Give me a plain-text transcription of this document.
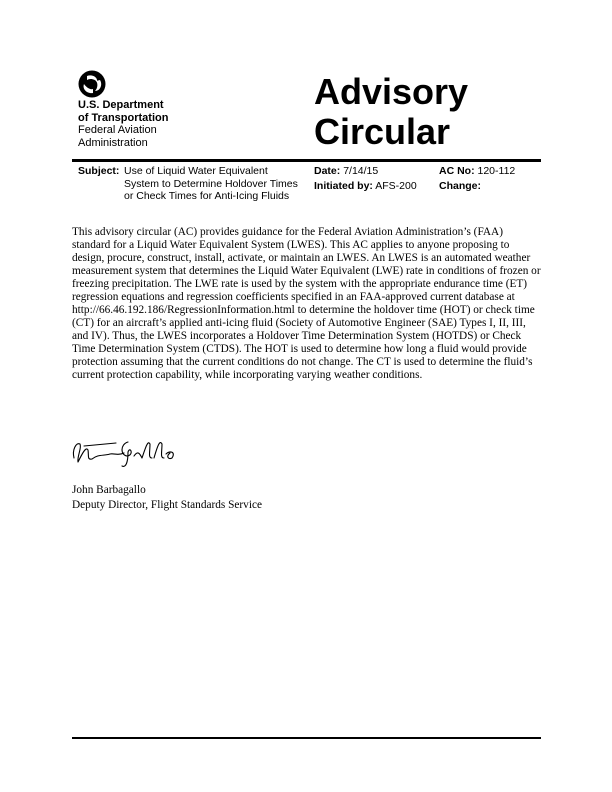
U.S. Department
of Transportation
Federal Aviation
Administration
Advisory
Circular
Subject: Use of Liquid Water Equivalent System to Determine Holdover Times or Check Times for Anti-Icing Fluids
Date: 7/14/15
Initiated by: AFS-200
AC No: 120-112
Change:

This advisory circular (AC) provides guidance for the Federal Aviation Administration’s (FAA) standard for a Liquid Water Equivalent System (LWES). This AC applies to anyone proposing to design, procure, construct, install, activate, or maintain an LWES. An LWES is an automated weather measurement system that determines the Liquid Water Equivalent (LWE) rate in conditions of frozen or freezing precipitation. The LWE rate is used by the system with the appropriate endurance time (ET) regression equations and regression coefficients specified in an FAA-approved current database at http://66.46.192.186/RegressionInformation.html to determine the holdover time (HOT) or check time (CT) for an aircraft’s applied anti-icing fluid (Society of Automotive Engineer (SAE) Types I, II, III, and IV). Thus, the LWES incorporates a Holdover Time Determination System (HOTDS) or Check Time Determination System (CTDS). The HOT is used to determine how long a fluid would provide protection assuming that the current conditions do not change. The CT is used to determine the fluid’s current protection capability, while incorporating varying weather conditions.

John Barbagallo
Deputy Director, Flight Standards Service
